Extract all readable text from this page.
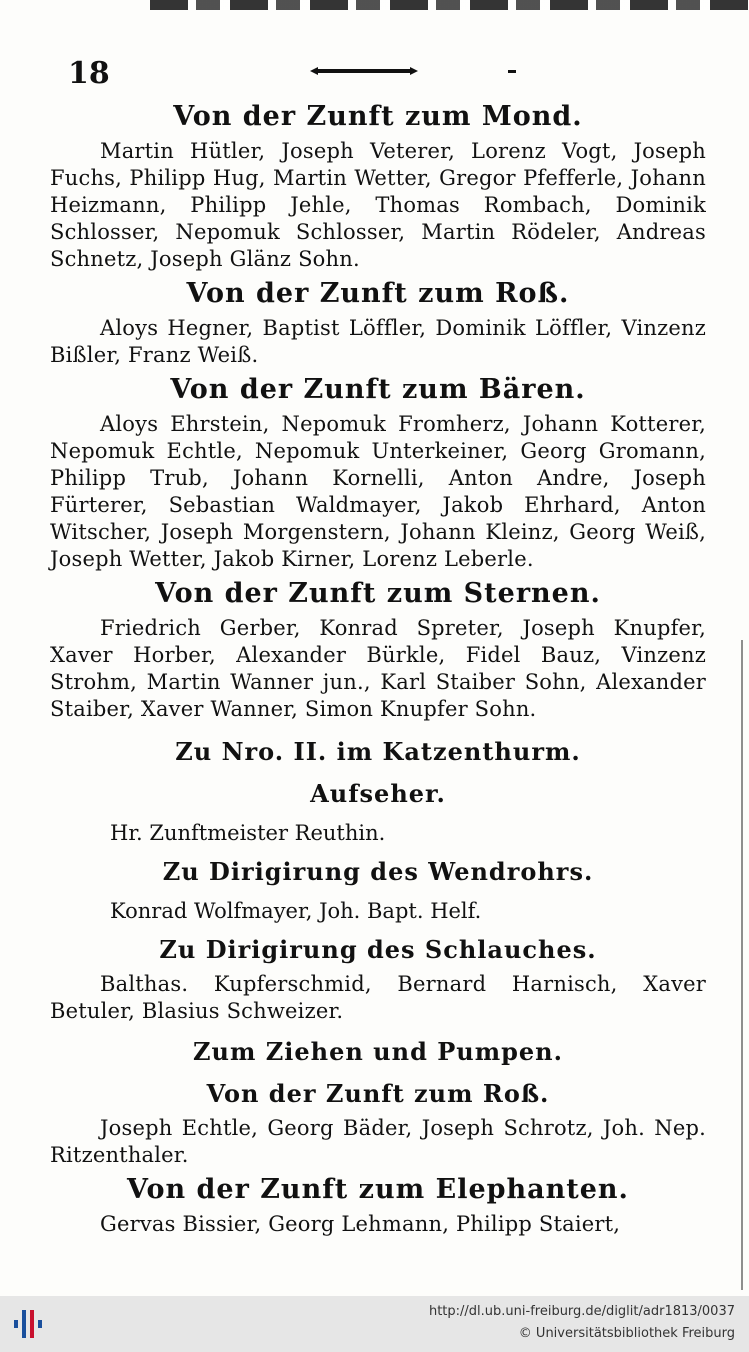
18
Von der Zunft zum Mond.

Martin Hütler, Joseph Veterer, Lorenz Vogt, Joseph Fuchs, Philipp Hug, Martin Wetter, Gregor Pfefferle, Johann Heizmann, Philipp Jehle, Thomas Rombach, Dominik Schlosser, Nepomuk Schlosser, Martin Rödeler, Andreas Schnetz, Joseph Glänz Sohn.

Von der Zunft zum Roß.

Aloys Hegner, Baptist Löffler, Dominik Löffler, Vinzenz Bißler, Franz Weiß.

Von der Zunft zum Bären.

Aloys Ehrstein, Nepomuk Fromherz, Johann Kotterer, Nepomuk Echtle, Nepomuk Unterkeiner, Georg Gromann, Philipp Trub, Johann Kornelli, Anton Andre, Joseph Fürterer, Sebastian Waldmayer, Jakob Ehrhard, Anton Witscher, Joseph Morgenstern, Johann Kleinz, Georg Weiß, Joseph Wetter, Jakob Kirner, Lorenz Leberle.

Von der Zunft zum Sternen.

Friedrich Gerber, Konrad Spreter, Joseph Knupfer, Xaver Horber, Alexander Bürkle, Fidel Bauz, Vinzenz Strohm, Martin Wanner jun., Karl Staiber Sohn, Alexander Staiber, Xaver Wanner, Simon Knupfer Sohn.

Zu Nro. II. im Katzenthurm.
Aufseher.

Hr. Zunftmeister Reuthin.

Zu Dirigirung des Wendrohrs.

Konrad Wolfmayer, Joh. Bapt. Helf.

Zu Dirigirung des Schlauches.

Balthas. Kupferschmid, Bernard Harnisch, Xaver Betuler, Blasius Schweizer.

Zum Ziehen und Pumpen.
Von der Zunft zum Roß.

Joseph Echtle, Georg Bäder, Joseph Schrotz, Joh. Nep. Ritzenthaler.

Von der Zunft zum Elephanten.

Gervas Bissier, Georg Lehmann, Philipp Staiert,

http://dl.ub.uni-freiburg.de/diglit/adr1813/0037
© Universitätsbibliothek Freiburg
